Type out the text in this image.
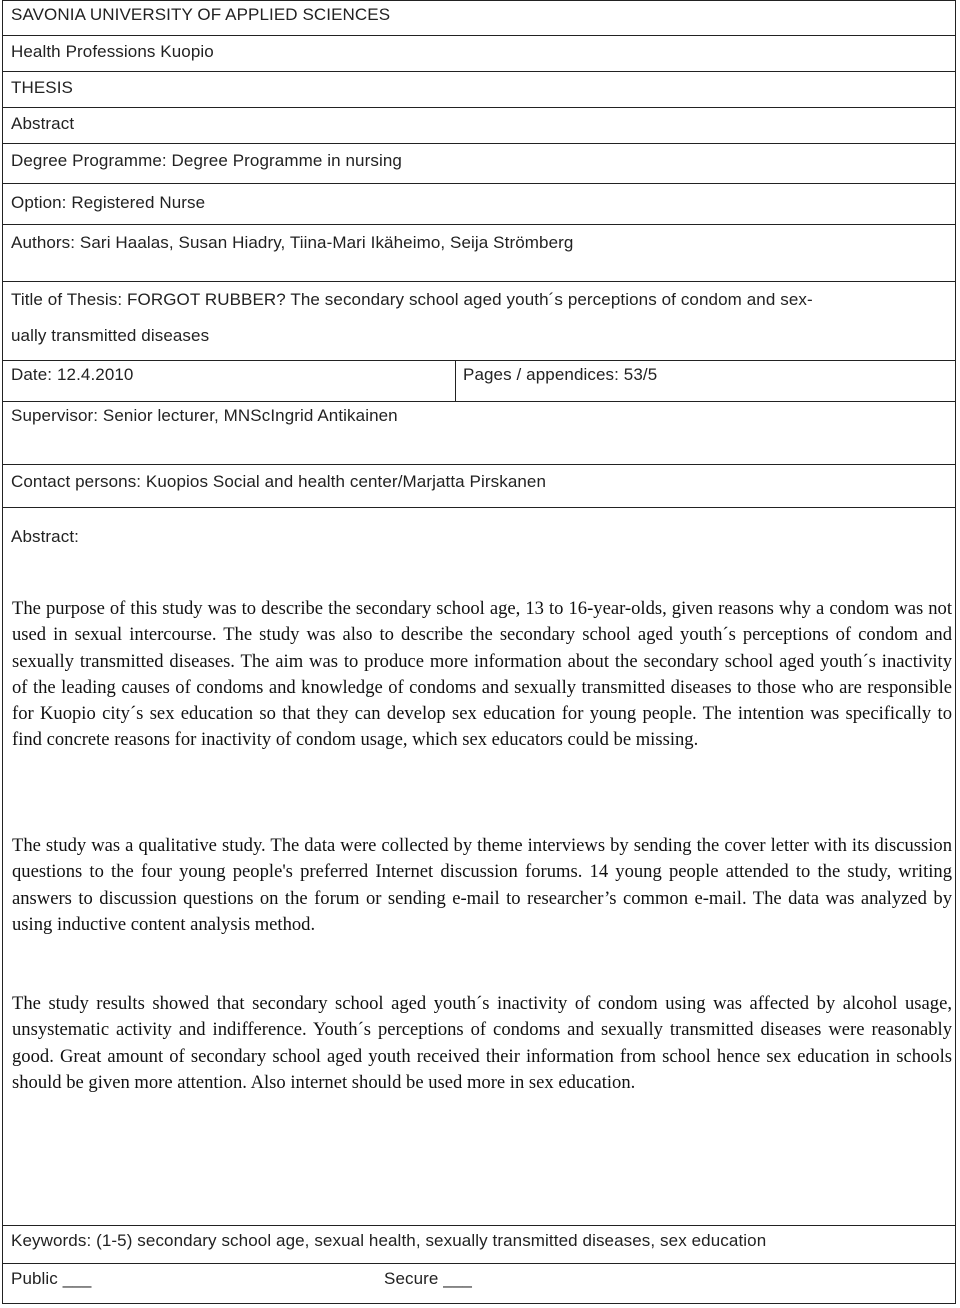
SAVONIA UNIVERSITY OF APPLIED SCIENCES
Health Professions Kuopio
THESIS
Abstract
Degree Programme: Degree Programme in nursing
Option: Registered Nurse
Authors: Sari Haalas, Susan Hiadry, Tiina-Mari Ikäheimo, Seija Strömberg
Title of Thesis: FORGOT RUBBER? The secondary school aged youth´s perceptions of condom and sex-
ually transmitted diseases
Date: 12.4.2010	Pages / appendices: 53/5
Supervisor: Senior lecturer, MNScIngrid Antikainen
Contact persons: Kuopios Social and health center/Marjatta Pirskanen
Abstract:
The purpose of this study was to describe the secondary school age, 13 to 16-year-olds, given reasons why a condom was not used in sexual intercourse. The study was also to describe the secondary school aged youth´s perceptions of condom and sexually transmitted diseases. The aim was to produce more information about the secondary school aged youth´s inactivity of the leading causes of condoms and knowledge of condoms and sexually transmitted diseases to those who are responsible for Kuopio city´s sex education so that they can develop sex education for young people. The intention was specifically to find concrete reasons for inactivity of condom usage, which sex educators could be missing.
The study was a qualitative study. The data were collected by theme interviews by sending the cover letter with its discussion questions to the four young people's preferred Internet discussion forums. 14 young people attended to the study, writing answers to discussion questions on the forum or sending e-mail to researcher’s common e-mail. The data was analyzed by using inductive content analysis method.
The study results showed that secondary school aged youth´s inactivity of condom using was affected by alcohol usage, unsystematic activity and indifference. Youth´s perceptions of condoms and sexually transmitted diseases were reasonably good. Great amount of secondary school aged youth received their information from school hence sex education in schools should be given more attention. Also internet should be used more in sex education.
Keywords: (1-5) secondary school age, sexual health, sexually transmitted diseases, sex education
Public ___	Secure ___
